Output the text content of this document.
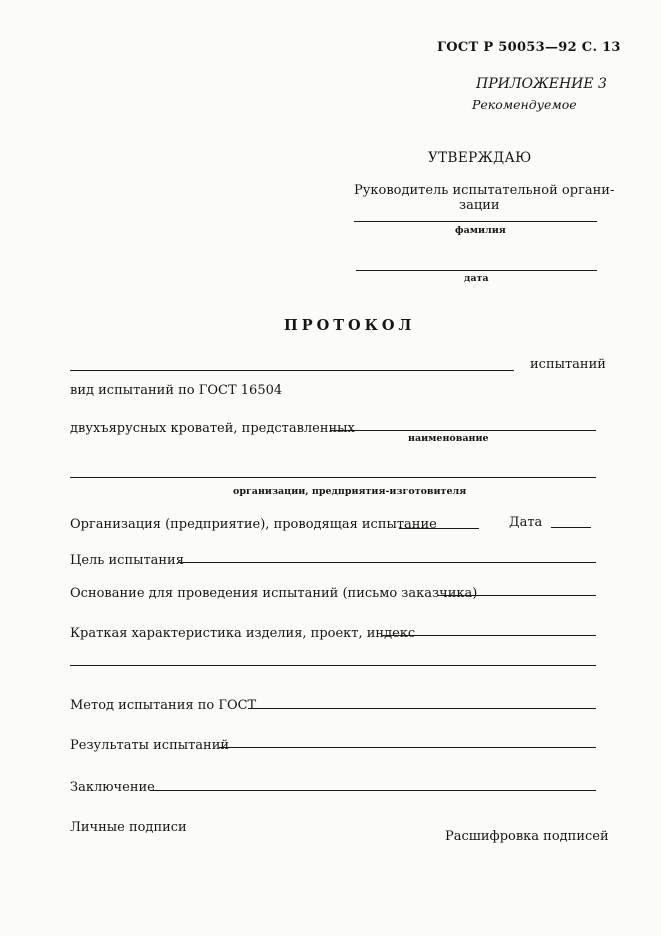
ГОСТ Р 50053—92 С. 13
ПРИЛОЖЕНИЕ 3
Рекомендуемое
УТВЕРЖДАЮ
Руководитель испытательной органи-
зации
фамилия
дата
ПРОТОКОЛ
испытаний
вид испытаний по ГОСТ 16504
двухъярусных кроватей, представленных
наименование
организации, предприятия-изготовителя
Организация (предприятие), проводящая испытание	Дата
Цель испытания
Основание для проведения испытаний (письмо заказчика)
Краткая характеристика изделия, проект, индекс
Метод испытания по ГОСТ
Результаты испытаний
Заключение
Личные подписи
Расшифровка подписей
